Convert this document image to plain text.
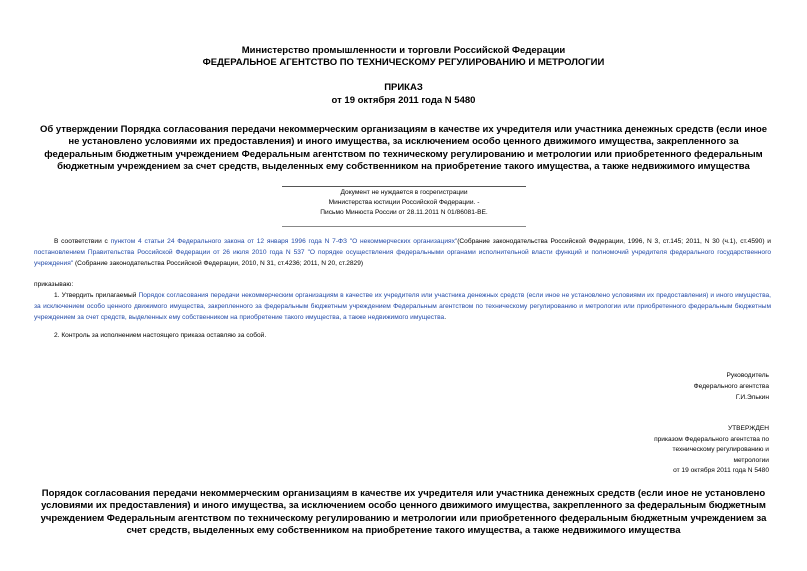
Министерство промышленности и торговли Российской Федерации
ФЕДЕРАЛЬНОЕ АГЕНТСТВО ПО ТЕХНИЧЕСКОМУ РЕГУЛИРОВАНИЮ И МЕТРОЛОГИИ
ПРИКАЗ
от 19 октября 2011 года N 5480
Об утверждении Порядка согласования передачи некоммерческим организациям в качестве их учредителя или участника денежных средств (если иное не установлено условиями их предоставления) и иного имущества, за исключением особо ценного движимого имущества, закрепленного за федеральным бюджетным учреждением Федеральным агентством по техническому регулированию и метрологии или приобретенного федеральным бюджетным учреждением за счет средств, выделенных ему собственником на приобретение такого имущества, а также недвижимого имущества
Документ не нуждается в госрегистрации
Министерства юстиции Российской Федерации. -
Письмо Минюста России от 28.11.2011 N 01/86081-ВЕ.
В соответствии с пунктом 4 статьи 24 Федерального закона от 12 января 1996 года N 7-ФЗ "О некоммерческих организациях"(Собрание законодательства Российской Федерации, 1996, N 3, ст.145; 2011, N 30 (ч.1), ст.4590) и постановлением Правительства Российской Федерации от 26 июля 2010 года N 537 "О порядке осуществления федеральными органами исполнительной власти функций и полномочий учредителя федерального государственного учреждения" (Собрание законодательства Российской Федерации, 2010, N 31, ст.4236; 2011, N 20, ст.2829)
приказываю:
1. Утвердить прилагаемый Порядок согласования передачи некоммерческим организациям в качестве их учредителя или участника денежных средств (если иное не установлено условиями их предоставления) и иного имущества, за исключением особо ценного движимого имущества, закрепленного за федеральным бюджетным учреждением Федеральным агентством по техническому регулированию и метрологии или приобретенного федеральным бюджетным учреждением за счет средств, выделенных ему собственником на приобретение такого имущества, а также недвижимого имущества.
2. Контроль за исполнением настоящего приказа оставляю за собой.
Руководитель
Федерального агентства
Г.И.Элькин
УТВЕРЖДЕН
приказом Федерального агентства по
техническому регулированию и
метрологии
от 19 октября 2011 года N 5480
Порядок согласования передачи некоммерческим организациям в качестве их учредителя или участника денежных средств (если иное не установлено условиями их предоставления) и иного имущества, за исключением особо ценного движимого имущества, закрепленного за федеральным бюджетным учреждением Федеральным агентством по техническому регулированию и метрологии или приобретенного федеральным бюджетным учреждением за счет средств, выделенных ему собственником на приобретение такого имущества, а также недвижимого имущества
